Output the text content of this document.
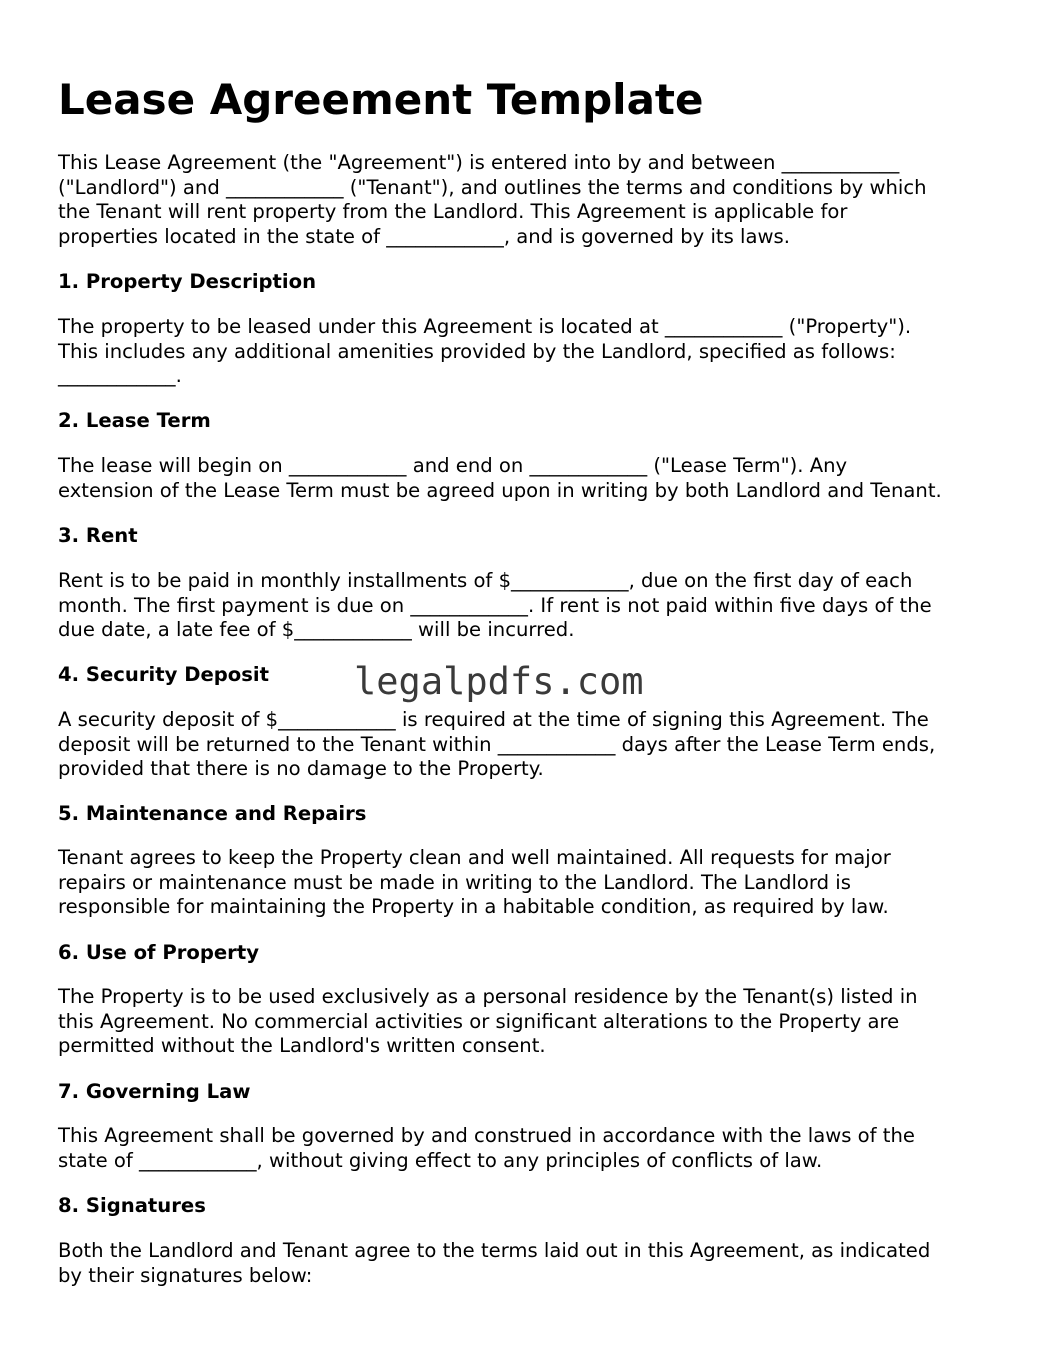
Lease Agreement Template
This Lease Agreement (the "Agreement") is entered into by and between ____________
("Landlord") and ____________ ("Tenant"), and outlines the terms and conditions by which
the Tenant will rent property from the Landlord. This Agreement is applicable for
properties located in the state of ____________, and is governed by its laws.
1. Property Description
The property to be leased under this Agreement is located at ____________ ("Property").
This includes any additional amenities provided by the Landlord, specified as follows:
____________.
2. Lease Term
The lease will begin on ____________ and end on ____________ ("Lease Term"). Any
extension of the Lease Term must be agreed upon in writing by both Landlord and Tenant.
3. Rent
Rent is to be paid in monthly installments of $____________, due on the first day of each
month. The first payment is due on ____________. If rent is not paid within five days of the
due date, a late fee of $____________ will be incurred.
4. Security Deposit
A security deposit of $____________ is required at the time of signing this Agreement. The
deposit will be returned to the Tenant within ____________ days after the Lease Term ends,
provided that there is no damage to the Property.
5. Maintenance and Repairs
Tenant agrees to keep the Property clean and well maintained. All requests for major
repairs or maintenance must be made in writing to the Landlord. The Landlord is
responsible for maintaining the Property in a habitable condition, as required by law.
6. Use of Property
The Property is to be used exclusively as a personal residence by the Tenant(s) listed in
this Agreement. No commercial activities or significant alterations to the Property are
permitted without the Landlord's written consent.
7. Governing Law
This Agreement shall be governed by and construed in accordance with the laws of the
state of ____________, without giving effect to any principles of conflicts of law.
8. Signatures
Both the Landlord and Tenant agree to the terms laid out in this Agreement, as indicated
by their signatures below:
legalpdfs.com
